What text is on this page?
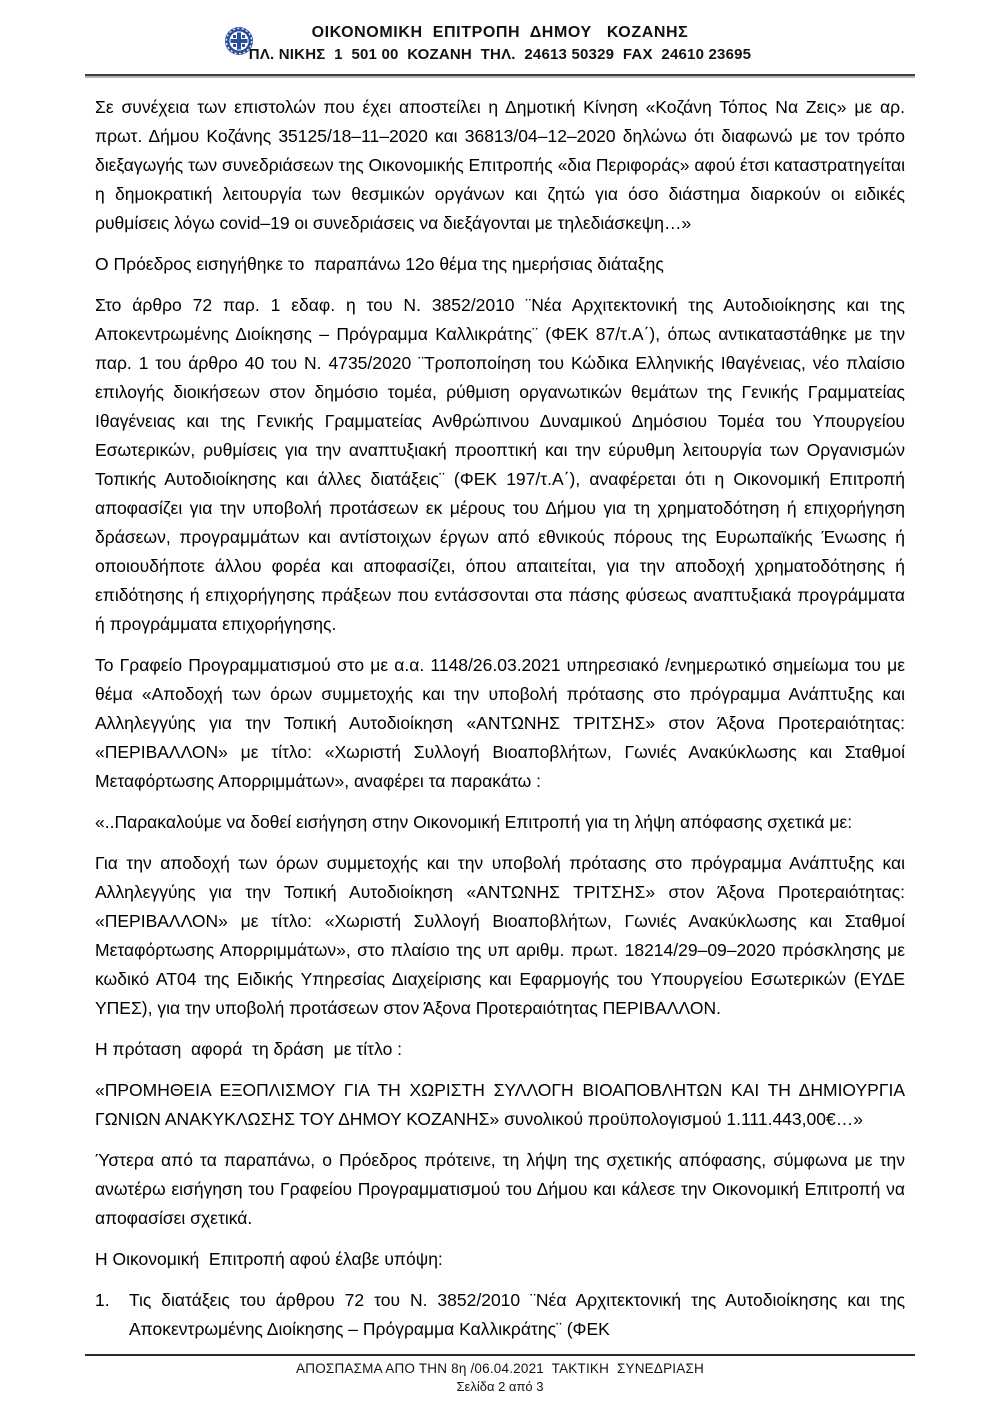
ΟΙΚΟΝΟΜΙΚΗ  ΕΠΙΤΡΟΠΗ  ΔΗΜΟΥ   ΚΟΖΑΝΗΣ
ΠΛ. ΝΙΚΗΣ  1  501 00  ΚΟΖΑΝΗ  ΤΗΛ.  24613 50329  FAX  24610 23695

Σε συνέχεια των επιστολών που έχει αποστείλει η Δημοτική Κίνηση «Κοζάνη Τόπος Να Ζεις» με αρ. πρωτ. Δήμου Κοζάνης 35125/18–11–2020 και 36813/04–12–2020 δηλώνω ότι διαφωνώ με τον τρόπο διεξαγωγής των συνεδριάσεων της Οικονομικής Επιτροπής «δια Περιφοράς» αφού έτσι καταστρατηγείται η δημοκρατική λειτουργία των θεσμικών οργάνων και ζητώ για όσο διάστημα διαρκούν οι ειδικές ρυθμίσεις λόγω covid–19 οι συνεδριάσεις να διεξάγονται με τηλεδιάσκεψη…»

Ο Πρόεδρος εισηγήθηκε το  παραπάνω 12ο θέμα της ημερήσιας διάταξης

Στο άρθρο 72 παρ. 1 εδαφ. η του Ν. 3852/2010 ¨Νέα Αρχιτεκτονική της Αυτοδιοίκησης και της Αποκεντρωμένης Διοίκησης – Πρόγραμμα Καλλικράτης¨ (ΦΕΚ 87/τ.Α΄), όπως αντικαταστάθηκε με την παρ. 1 του άρθρο 40 του Ν. 4735/2020 ¨Τροποποίηση του Κώδικα Ελληνικής Ιθαγένειας, νέο πλαίσιο επιλογής διοικήσεων στον δημόσιο τομέα, ρύθμιση οργανωτικών θεμάτων της Γενικής Γραμματείας Ιθαγένειας και της Γενικής Γραμματείας Ανθρώπινου Δυναμικού Δημόσιου Τομέα του Υπουργείου Εσωτερικών, ρυθμίσεις για την αναπτυξιακή προοπτική και την εύρυθμη λειτουργία των Οργανισμών Τοπικής Αυτοδιοίκησης και άλλες διατάξεις¨ (ΦΕΚ 197/τ.Α΄), αναφέρεται ότι η Οικονομική Επιτροπή αποφασίζει για την υποβολή προτάσεων εκ μέρους του Δήμου για τη χρηματοδότηση ή επιχορήγηση δράσεων, προγραμμάτων και αντίστοιχων έργων από εθνικούς πόρους της Ευρωπαϊκής Ένωσης ή οποιουδήποτε άλλου φορέα και αποφασίζει, όπου απαιτείται, για την αποδοχή χρηματοδότησης ή επιδότησης ή επιχορήγησης πράξεων που εντάσσονται στα πάσης φύσεως αναπτυξιακά προγράμματα ή προγράμματα επιχορήγησης.

Το Γραφείο Προγραμματισμού στο με α.α. 1148/26.03.2021 υπηρεσιακό /ενημερωτικό σημείωμα του με θέμα «Αποδοχή των όρων συμμετοχής και την υποβολή πρότασης στο πρόγραμμα Ανάπτυξης και Αλληλεγγύης για την Τοπική Αυτοδιοίκηση «ΑΝΤΩΝΗΣ ΤΡΙΤΣΗΣ» στον Άξονα Προτεραιότητας: «ΠΕΡΙΒΑΛΛΟΝ» με τίτλο: «Χωριστή Συλλογή Βιοαποβλήτων, Γωνιές Ανακύκλωσης και Σταθμοί Μεταφόρτωσης Απορριμμάτων», αναφέρει τα παρακάτω :

«..Παρακαλούμε να δοθεί εισήγηση στην Οικονομική Επιτροπή για τη λήψη απόφασης σχετικά με:

Για την αποδοχή των όρων συμμετοχής και την υποβολή πρότασης στο πρόγραμμα Ανάπτυξης και Αλληλεγγύης για την Τοπική Αυτοδιοίκηση «ΑΝΤΩΝΗΣ ΤΡΙΤΣΗΣ» στον Άξονα Προτεραιότητας: «ΠΕΡΙΒΑΛΛΟΝ» με τίτλο: «Χωριστή Συλλογή Βιοαποβλήτων, Γωνιές Ανακύκλωσης και Σταθμοί Μεταφόρτωσης Απορριμμάτων», στο πλαίσιο της υπ αριθμ. πρωτ. 18214/29–09–2020 πρόσκλησης με κωδικό ΑΤ04 της Ειδικής Υπηρεσίας Διαχείρισης και Εφαρμογής του Υπουργείου Εσωτερικών (ΕΥΔΕ ΥΠΕΣ), για την υποβολή προτάσεων στον Άξονα Προτεραιότητας ΠΕΡΙΒΑΛΛΟΝ.

Η πρόταση  αφορά  τη δράση  με τίτλο :

«ΠΡΟΜΗΘΕΙΑ ΕΞΟΠΛΙΣΜΟΥ ΓΙΑ ΤΗ ΧΩΡΙΣΤΗ ΣΥΛΛΟΓΗ ΒΙΟΑΠΟΒΛΗΤΩΝ ΚΑΙ ΤΗ ΔΗΜΙΟΥΡΓΙΑ ΓΩΝΙΩΝ ΑΝΑΚΥΚΛΩΣΗΣ ΤΟΥ ΔΗΜΟΥ ΚΟΖΑΝΗΣ» συνολικού προϋπολογισμού 1.111.443,00€…»

Ύστερα από τα παραπάνω, ο Πρόεδρος πρότεινε, τη λήψη της σχετικής απόφασης, σύμφωνα με την ανωτέρω εισήγηση του Γραφείου Προγραμματισμού του Δήμου και κάλεσε την Οικονομική Επιτροπή να αποφασίσει σχετικά.

Η Οικονομική  Επιτροπή αφού έλαβε υπόψη:

1.	Τις διατάξεις του άρθρου 72 του Ν. 3852/2010 ¨Νέα Αρχιτεκτονική της Αυτοδιοίκησης και της Αποκεντρωμένης Διοίκησης – Πρόγραμμα Καλλικράτης¨ (ΦΕΚ
ΑΠΟΣΠΑΣΜΑ ΑΠΟ ΤΗΝ 8η /06.04.2021  ΤΑΚΤΙΚΗ  ΣΥΝΕΔΡΙΑΣΗ
Σελίδα 2 από 3
